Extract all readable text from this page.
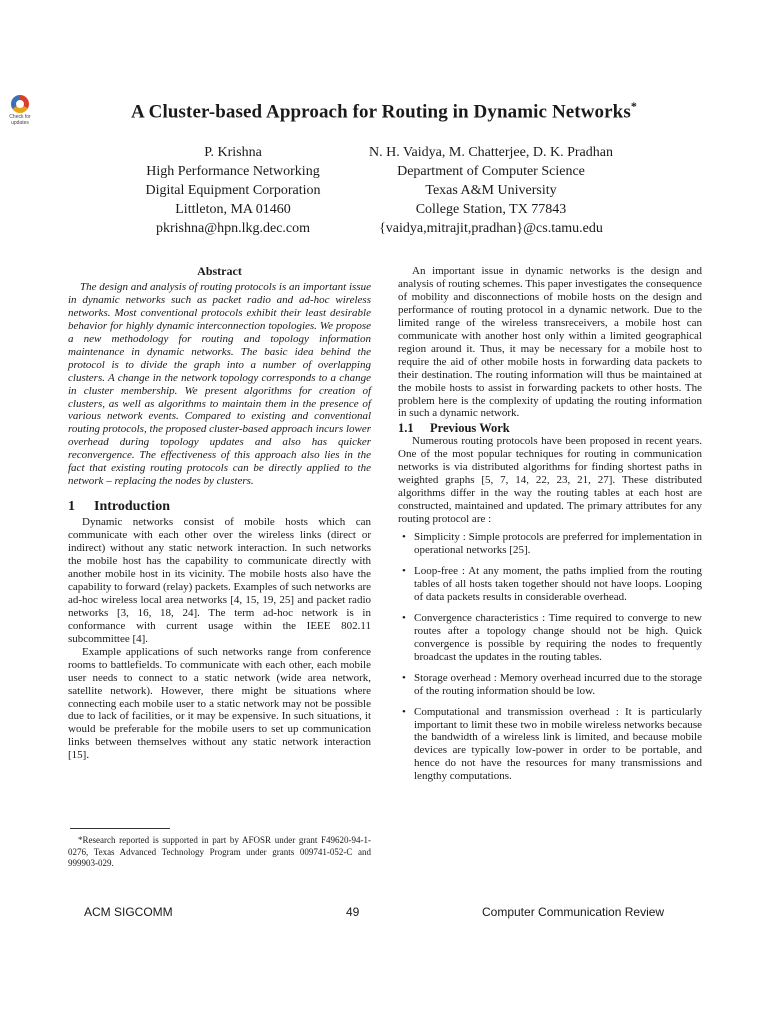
Check for updates
A Cluster-based Approach for Routing in Dynamic Networks*
P. Krishna
High Performance Networking
Digital Equipment Corporation
Littleton, MA 01460
pkrishna@hpn.lkg.dec.com
N. H. Vaidya, M. Chatterjee, D. K. Pradhan
Department of Computer Science
Texas A&M University
College Station, TX 77843
{vaidya,mitrajit,pradhan}@cs.tamu.edu
Abstract
The design and analysis of routing protocols is an important issue in dynamic networks such as packet radio and ad-hoc wireless networks. Most conventional protocols exhibit their least desirable behavior for highly dynamic interconnection topologies. We propose a new methodology for routing and topology information maintenance in dynamic networks. The basic idea behind the protocol is to divide the graph into a number of overlapping clusters. A change in the network topology corresponds to a change in cluster membership. We present algorithms for creation of clusters, as well as algorithms to maintain them in the presence of various network events. Compared to existing and conventional routing protocols, the proposed cluster-based approach incurs lower overhead during topology updates and also has quicker reconvergence. The effectiveness of this approach also lies in the fact that existing routing protocols can be directly applied to the network – replacing the nodes by clusters.
1 Introduction

Dynamic networks consist of mobile hosts which can communicate with each other over the wireless links (direct or indirect) without any static network interaction. In such networks the mobile host has the capability to communicate directly with another mobile host in its vicinity. The mobile hosts also have the capability to forward (relay) packets. Examples of such networks are ad-hoc wireless local area networks [4, 15, 19, 25] and packet radio networks [3, 16, 18, 24]. The term ad-hoc network is in conformance with current usage within the IEEE 802.11 subcommittee [4].

Example applications of such networks range from conference rooms to battlefields. To communicate with each other, each mobile user needs to connect to a static network (wide area network, satellite network). However, there might be situations where connecting each mobile user to a static network may not be possible due to lack of facilities, or it may be expensive. In such situations, it would be preferable for the mobile users to set up communication links between themselves without any static network interaction [15].

*Research reported is supported in part by AFOSR under grant F49620-94-1-0276, Texas Advanced Technology Program under grants 009741-052-C and 999903-029.

An important issue in dynamic networks is the design and analysis of routing schemes. This paper investigates the consequence of mobility and disconnections of mobile hosts on the design and performance of routing protocol in a dynamic network. Due to the limited range of the wireless transreceivers, a mobile host can communicate with another host only within a limited geographical region around it. Thus, it may be necessary for a mobile host to require the aid of other mobile hosts in forwarding data packets to their destination. The routing information will thus be maintained at the mobile hosts to assist in forwarding packets to other hosts. The problem here is the complexity of updating the routing information in such a dynamic network.

1.1 Previous Work

Numerous routing protocols have been proposed in recent years. One of the most popular techniques for routing in communication networks is via distributed algorithms for finding shortest paths in weighted graphs [5, 7, 14, 22, 23, 21, 27]. These distributed algorithms differ in the way the routing tables at each host are constructed, maintained and updated. The primary attributes for any routing protocol are :

• Simplicity : Simple protocols are preferred for implementation in operational networks [25].
• Loop-free : At any moment, the paths implied from the routing tables of all hosts taken together should not have loops. Looping of data packets results in considerable overhead.
• Convergence characteristics : Time required to converge to new routes after a topology change should not be high. Quick convergence is possible by requiring the nodes to frequently broadcast the updates in the routing tables.
• Storage overhead : Memory overhead incurred due to the storage of the routing information should be low.
• Computational and transmission overhead : It is particularly important to limit these two in mobile wireless networks because the bandwidth of a wireless link is limited, and because mobile devices are typically low-power in order to be portable, and hence do not have the resources for many transmissions and lengthy computations.
ACM SIGCOMM	49	Computer Communication Review
